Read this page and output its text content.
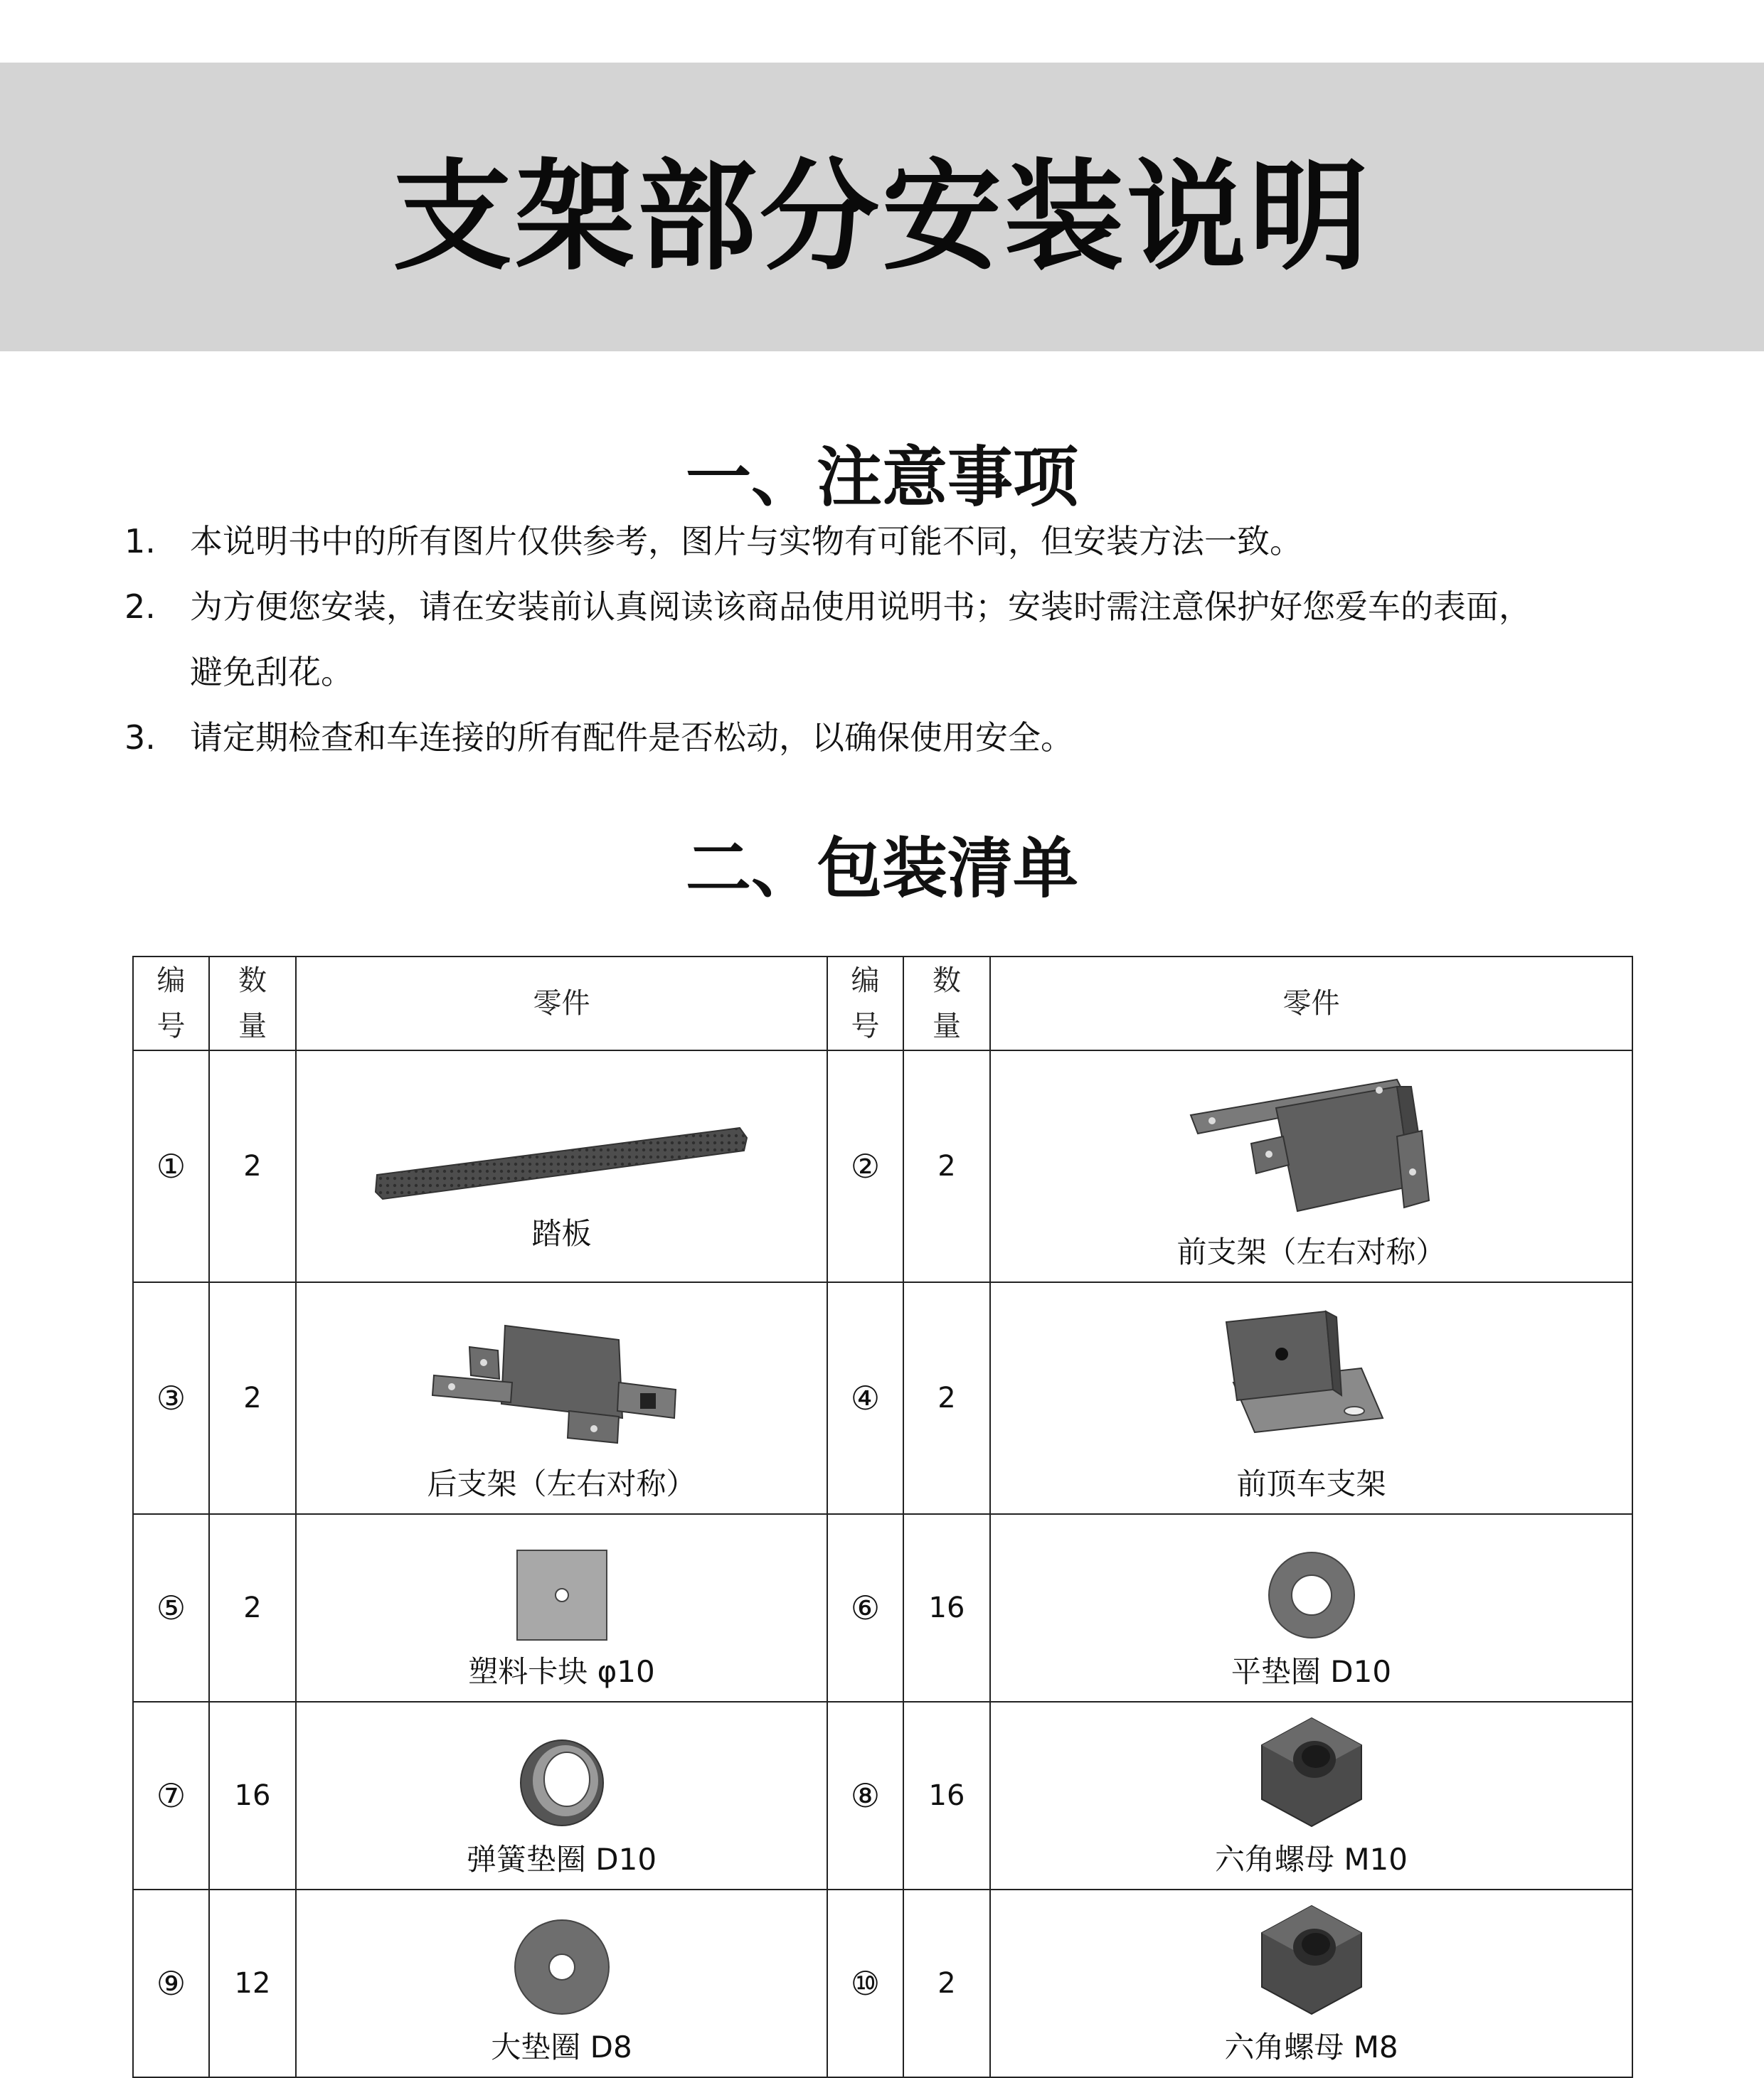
支架部分安装说明
一、注意事项
1. 本说明书中的所有图片仅供参考，图片与实物有可能不同，但安装方法一致。
2. 为方便您安装，请在安装前认真阅读该商品使用说明书；安装时需注意保护好您爱车的表面，
避免刮花。
3. 请定期检查和车连接的所有配件是否松动，以确保使用安全。
二、包装清单
编
号	数
量	零件	编
号	数
量	零件
①	2	踏板	②	2	前支架（左右对称）

③	2	后支架（左右对称）	④	2	前顶车支架

⑤	2	塑料卡块 φ10	⑥	16	平垫圈 D10

⑦	16	弹簧垫圈 D10	⑧	16	六角螺母 M10

⑨	12	大垫圈 D8	⑩	2	六角螺母 M8
